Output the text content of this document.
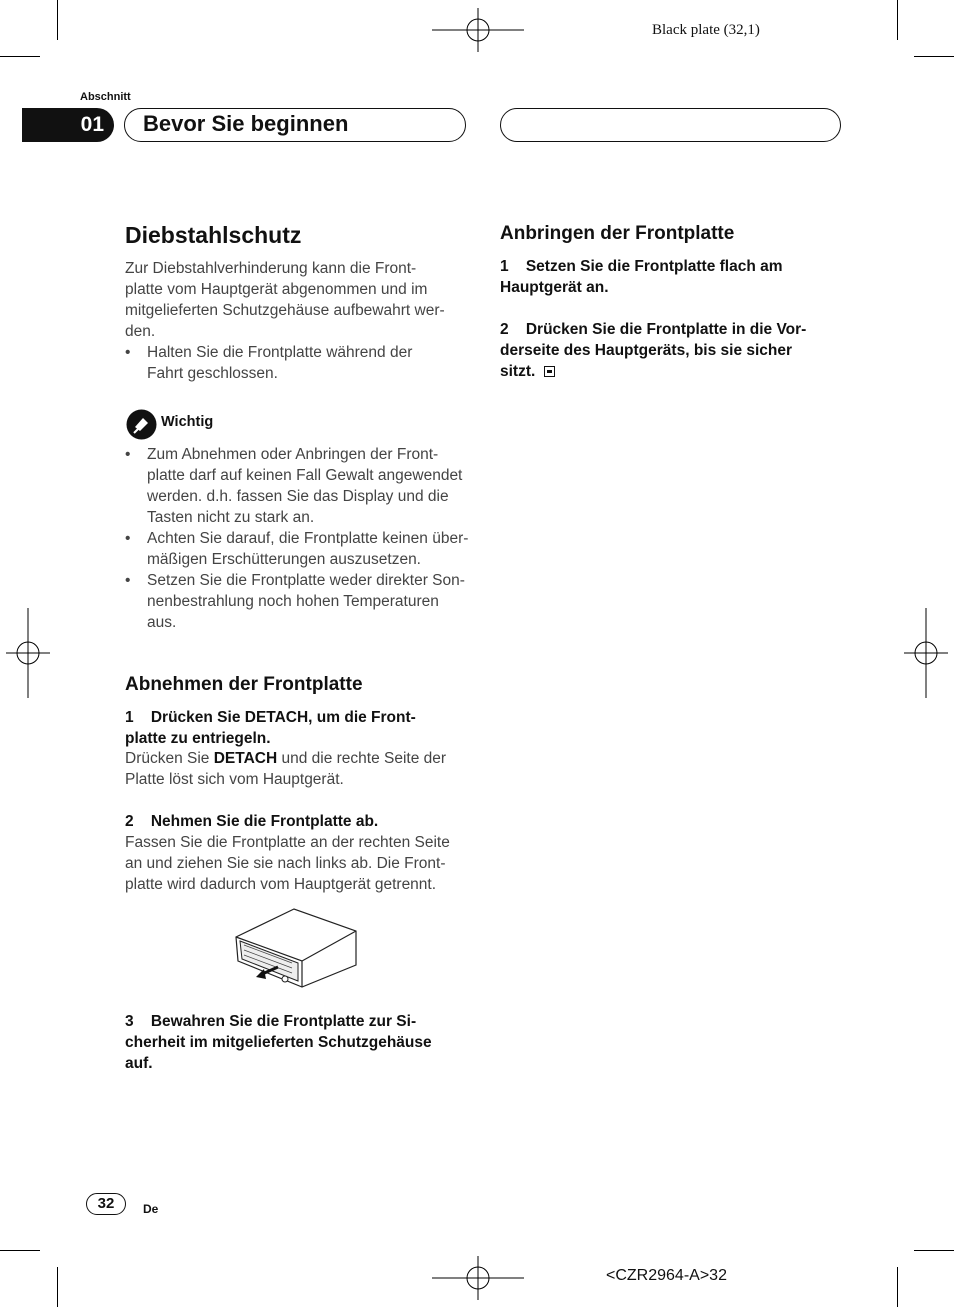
Black plate (32,1)
Abschnitt
01	Bevor Sie beginnen
Diebstahlschutz
Zur Diebstahlverhinderung kann die Front-
platte vom Hauptgerät abgenommen und im
mitgelieferten Schutzgehäuse aufbewahrt wer-
den.
• Halten Sie die Frontplatte während der
Fahrt geschlossen.
Wichtig
• Zum Abnehmen oder Anbringen der Front-
platte darf auf keinen Fall Gewalt angewendet
werden. d.h. fassen Sie das Display und die
Tasten nicht zu stark an.
• Achten Sie darauf, die Frontplatte keinen über-
mäßigen Erschütterungen auszusetzen.
• Setzen Sie die Frontplatte weder direkter Son-
nenbestrahlung noch hohen Temperaturen
aus.
Abnehmen der Frontplatte
1    Drücken Sie DETACH, um die Front-
platte zu entriegeln.
Drücken Sie DETACH und die rechte Seite der
Platte löst sich vom Hauptgerät.
2    Nehmen Sie die Frontplatte ab.
Fassen Sie die Frontplatte an der rechten Seite
an und ziehen Sie sie nach links ab. Die Front-
platte wird dadurch vom Hauptgerät getrennt.
3    Bewahren Sie die Frontplatte zur Si-
cherheit im mitgelieferten Schutzgehäuse
auf.
Anbringen der Frontplatte
1    Setzen Sie die Frontplatte flach am
Hauptgerät an.
2    Drücken Sie die Frontplatte in die Vor-
derseite des Hauptgeräts, bis sie sicher
sitzt.
32	De
<CZR2964-A>32
